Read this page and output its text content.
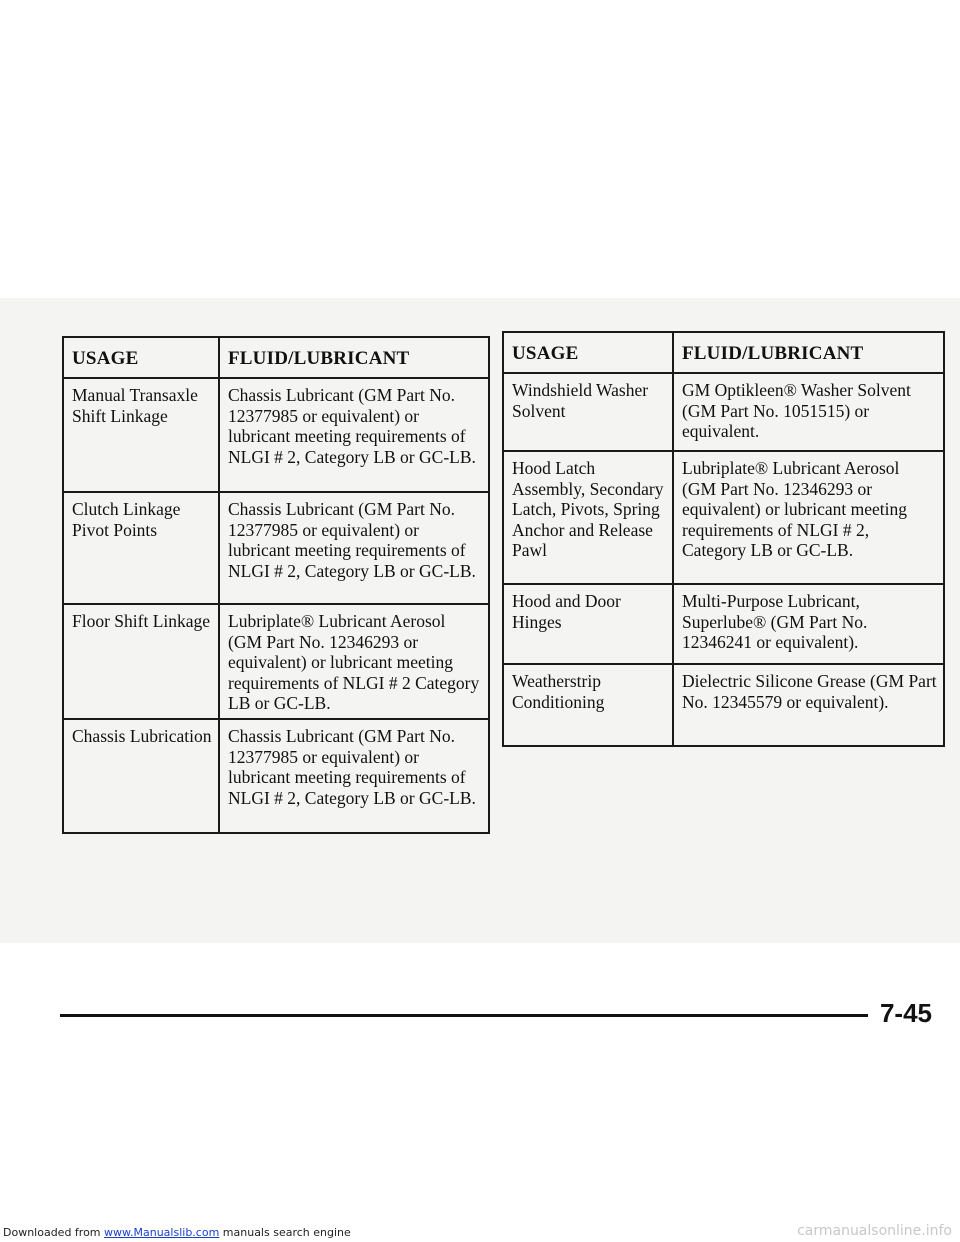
USAGE	FLUID/LUBRICANT
Manual Transaxle Shift Linkage	Chassis Lubricant (GM Part No. 12377985 or equivalent) or lubricant meeting requirements of NLGI # 2, Category LB or GC-LB.
Clutch Linkage Pivot Points	Chassis Lubricant (GM Part No. 12377985 or equivalent) or lubricant meeting requirements of NLGI # 2, Category LB or GC-LB.
Floor Shift Linkage	Lubriplate® Lubricant Aerosol (GM Part No. 12346293 or equivalent) or lubricant meeting requirements of NLGI # 2 Category LB or GC-LB.
Chassis Lubrication	Chassis Lubricant (GM Part No. 12377985 or equivalent) or lubricant meeting requirements of NLGI # 2, Category LB or GC-LB.
USAGE	FLUID/LUBRICANT
Windshield Washer Solvent	GM Optikleen® Washer Solvent (GM Part No. 1051515) or equivalent.
Hood Latch Assembly, Secondary Latch, Pivots, Spring Anchor and Release Pawl	Lubriplate® Lubricant Aerosol (GM Part No. 12346293 or equivalent) or lubricant meeting requirements of NLGI # 2, Category LB or GC-LB.
Hood and Door Hinges	Multi-Purpose Lubricant, Superlube® (GM Part No. 12346241 or equivalent).
Weatherstrip Conditioning	Dielectric Silicone Grease (GM Part No. 12345579 or equivalent).
7-45
Downloaded from www.Manualslib.com manuals search engine	carmanualsonline.info
